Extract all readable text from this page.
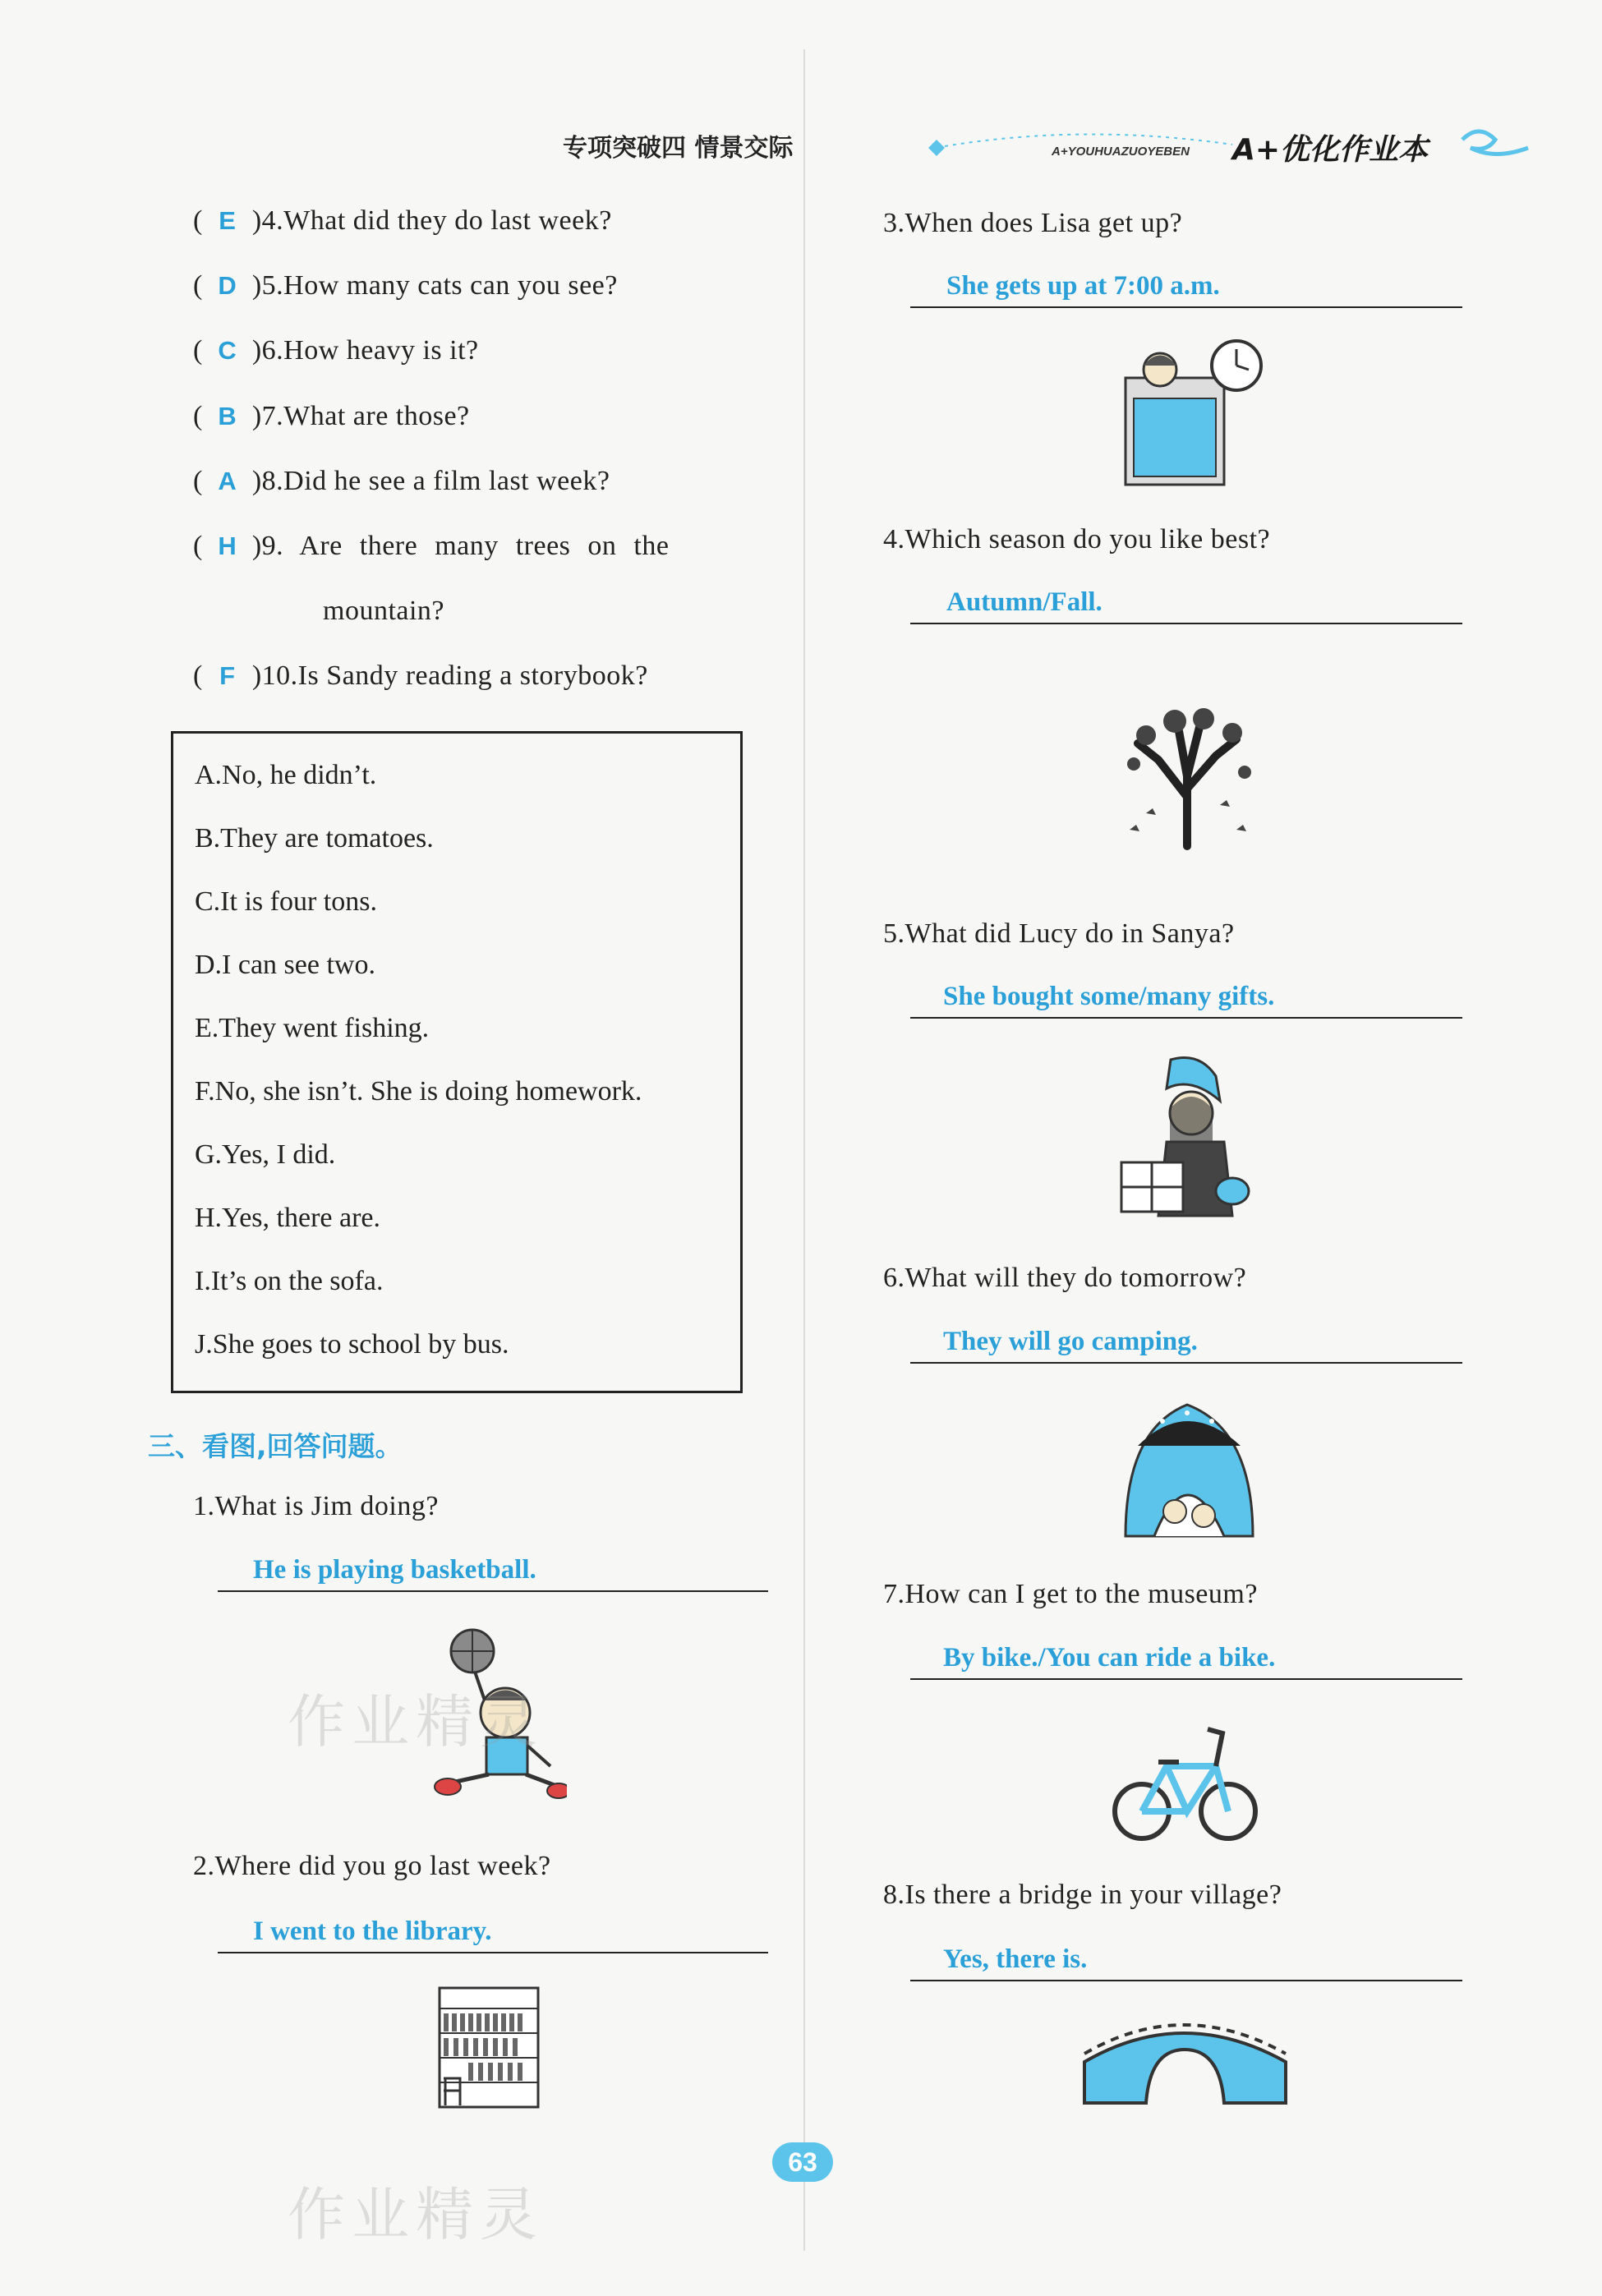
专项突破四 情景交际	A+YOUHUAZUOYEBEN A+优化作业本
( E )4.What did they do last week?
( D )5.How many cats can you see?
( C )6.How heavy is it?
( B )7.What are those?
( A )8.Did he see a film last week?
( H )9. Are there many trees on the
mountain?
( F )10.Is Sandy reading a storybook?
A.No, he didn’t.
B.They are tomatoes.
C.It is four tons.
D.I can see two.
E.They went fishing.
F.No, she isn’t. She is doing homework.
G.Yes, I did.
H.Yes, there are.
I.It’s on the sofa.
J.She goes to school by bus.
三、看图,回答问题。
1.What is Jim doing?
He is playing basketball.
2.Where did you go last week?
I went to the library.
3.When does Lisa get up?
She gets up at 7:00 a.m.
4.Which season do you like best?
Autumn/Fall.
5.What did Lucy do in Sanya?
She bought some/many gifts.
6.What will they do tomorrow?
They will go camping.
7.How can I get to the museum?
By bike./You can ride a bike.
8.Is there a bridge in your village?
Yes, there is.
63
作业精灵
作业精灵
